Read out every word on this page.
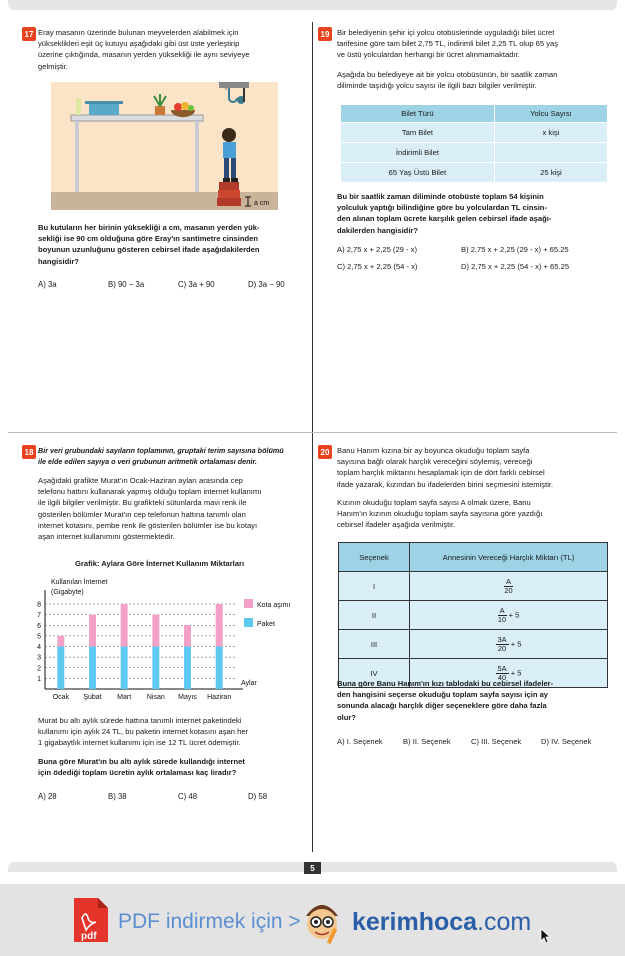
17 Eray masanın üzerinde bulunan meyvelerden alabilmek için
yükseklikleri eşit üç kutuyu aşağıdaki gibi üst üste yerleştirip
üzerine çıktığında, masanın yerden yüksekliği ile aynı seviyeye
gelmiştir.
a cm
Bu kutuların her birinin yüksekliği a cm, masanın yerden yük-
sekliği ise 90 cm olduğuna göre Eray'ın santimetre cinsinden
boyunun uzunluğunu gösteren cebirsel ifade aşağıdakilerden
hangisidir?
A) 3a	B) 90 − 3a	C) 3a + 90	D) 3a − 90
19 Bir belediyenin şehir içi yolcu otobüslerinde uyguladığı bilet ücret
tarifesine göre tam bilet 2,75 TL, indirimli bilet 2,25 TL olup 65 yaş
ve üstü yolculardan herhangi bir ücret alınmamaktadır.
Aşağıda bu belediyeye ait bir yolcu otobüsünün, bir saatlik zaman
diliminde taşıdığı yolcu sayısı ile ilgili bazı bilgiler verilmiştir.
Bilet Türü	Yolcu Sayısı
Tam Bilet	x kişi
İndirimli Bilet	
65 Yaş Üstü Bilet	25 kişi
Bu bir saatlik zaman diliminde otobüste toplam 54 kişinin
yolculuk yaptığı bilindiğine göre bu yolculardan TL cinsin-
den alınan toplam ücrete karşılık gelen cebirsel ifade aşağı-
dakilerden hangisidir?
A) 2,75 x + 2,25 (29 - x)	B) 2,75 x + 2,25 (29 - x) + 65.25
C) 2,75 x + 2,25 (54 - x)	D) 2,75 x + 2,25 (54 - x) + 65.25
18 Bir veri grubundaki sayıların toplamının, gruptaki terim sayısına bölümü
ile elde edilen sayıya o veri grubunun aritmetik ortalaması denir.
Aşağıdaki grafikte Murat'ın Ocak-Haziran ayları arasında cep
telefonu hattını kullanarak yapmış olduğu toplam internet kullanımı
ile ilgili bilgiler verilmiştir. Bu grafikteki sütunlarda mavi renk ile
gösterilen bölümler Murat'ın cep telefonun hattına tanımlı olan
internet kotasını, pembe renk ile gösterilen bölümler ise bu kotayı
aşan internet kullanımını göstermektedir.
Grafik: Aylara Göre İnternet Kullanım Miktarları
1
2
3
4
5
6
7
8
Kullanılan İnternet
(Gigabyte)
Aylar
Ocak Şubat Mart Nisan Mayıs Haziran
Kota aşımı
Paket
Murat bu altı aylık sürede hattına tanımlı internet paketindeki
kullanımı için aylık 24 TL, bu paketin internet kotasını aşan her
1 gigabaytlık internet kullanımı için ise 12 TL ücret ödemiştir.
Buna göre Murat'ın bu altı aylık sürede kullandığı internet
için ödediği toplam ücretin aylık ortalaması kaç liradır?
A) 28	B) 38	C) 48	D) 58
20 Banu Hanım kızına bir ay boyunca okuduğu toplam sayfa
sayısına bağlı olarak harçlık vereceğini söylemiş, vereceği
toplam harçlık miktarını hesaplamak için de dört farklı cebirsel
ifade yazarak, kızından bu ifadelerden birini seçmesini istemiştir.
Kızının okuduğu toplam sayfa sayısı A olmak üzere, Banu
Hanım'ın kızının okuduğu toplam sayfa sayısına göre yazdığı
cebirsel ifadeler aşağıda verilmiştir.
Seçenek	Annesinin Vereceği Harçlık Miktarı (TL)
I	$\frac{A}{20}$

II	$\frac{A}{10} + 5$
III	$\frac{3A}{20} + 5$
IV	$\frac{5A}{40} + 5$
Buna göre Banu Hanım'ın kızı tablodaki bu cebirsel ifadeler-
den hangisini seçerse okuduğu toplam sayfa sayısı için ay
sonunda alacağı harçlık diğer seçeneklere göre daha fazla
olur?
A) I. Seçenek	B) II. Seçenek	C) III. Seçenek	D) IV. Seçenek
5
pdf
PDF indirmek için > kerimhoca.com
